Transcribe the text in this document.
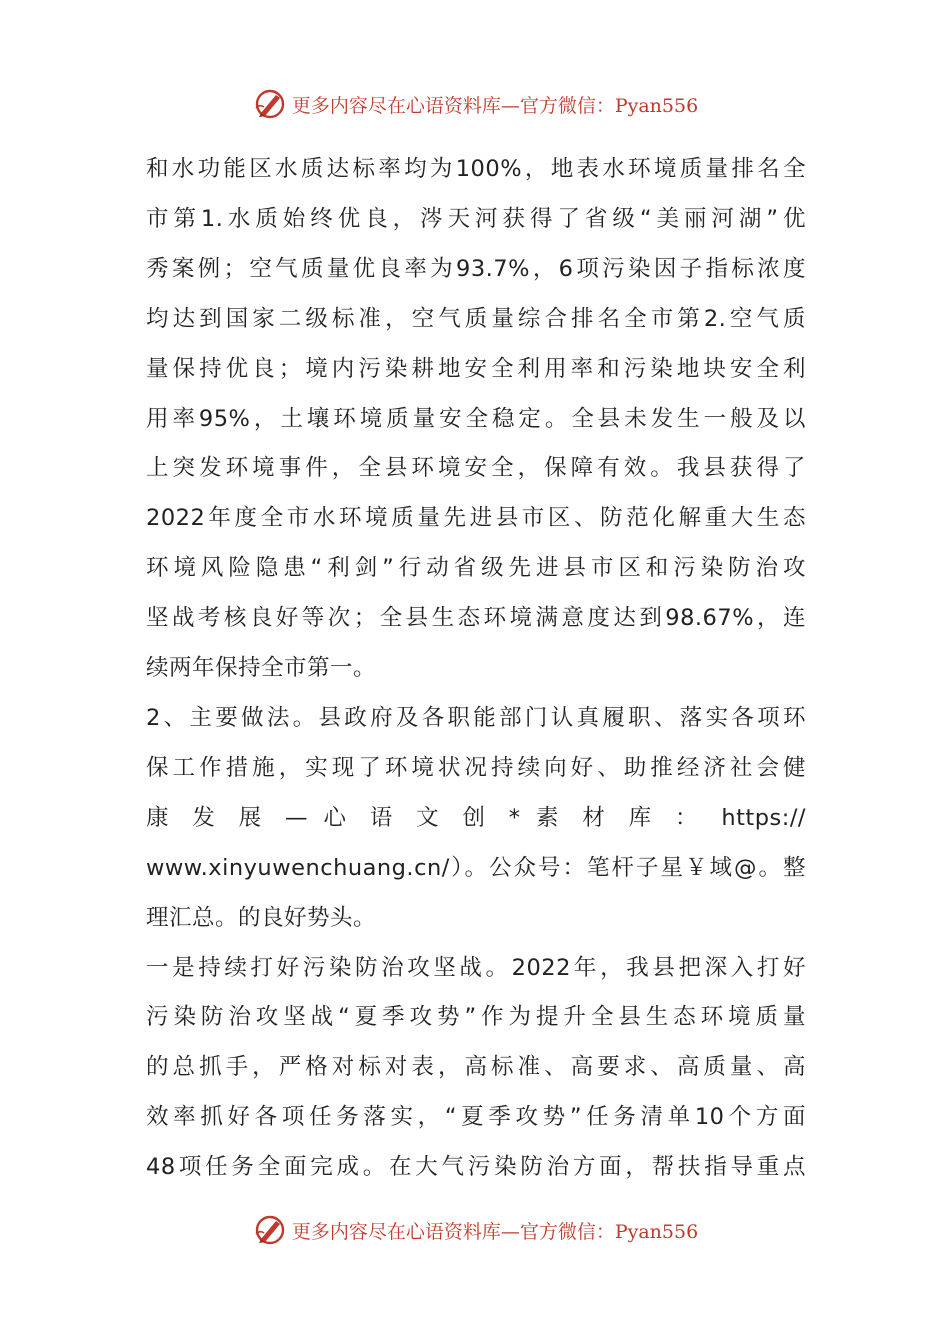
更多内容尽在心语资料库—官方微信：Pyan556

和水功能区水质达标率均为100%，地表水环境质量排名全
市第1.水质始终优良，涔天河获得了省级“美丽河湖”优
秀案例；空气质量优良率为93.7%，6项污染因子指标浓度
均达到国家二级标准，空气质量综合排名全市第2.空气质
量保持优良；境内污染耕地安全利用率和污染地块安全利
用率95%，土壤环境质量安全稳定。全县未发生一般及以
上突发环境事件，全县环境安全，保障有效。我县获得了
2022年度全市水环境质量先进县市区、防范化解重大生态
环境风险隐患“利剑”行动省级先进县市区和污染防治攻
坚战考核良好等次；全县生态环境满意度达到98.67%，连
续两年保持全市第一。

2、主要做法。县政府及各职能部门认真履职、落实各项环
保工作措施，实现了环境状况持续向好、助推经济社会健
康 发 展 — 心 语 文 创 * 素 材 库 ： https://
www.xinyuwenchuang.cn/）。公众号：笔杆子星￥域@。整
理汇总。的良好势头。

一是持续打好污染防治攻坚战。2022年，我县把深入打好
污染防治攻坚战“夏季攻势”作为提升全县生态环境质量
的总抓手，严格对标对表，高标准、高要求、高质量、高
效率抓好各项任务落实，“夏季攻势”任务清单10个方面
48项任务全面完成。在大气污染防治方面，帮扶指导重点

更多内容尽在心语资料库—官方微信：Pyan556
